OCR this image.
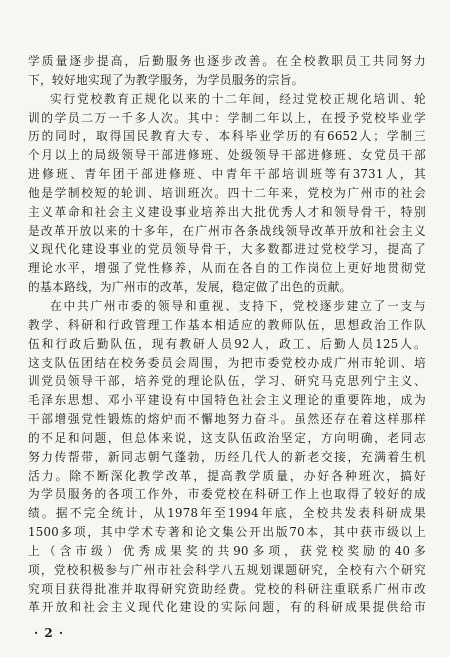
学质量逐步提高，后勤服务也逐步改善。在全校教职员工共同努力
下，较好地实现了为教学服务，为学员服务的宗旨。
实行党校教育正规化以来的十二年间，经过党校正规化培训、轮
训的学员二万一千多人次。其中：学制二年以上，在授予党校毕业学
历的同时，取得国民教育大专、本科毕业学历的有6652人；学制三
个月以上的局级领导干部进修班、处级领导干部进修班、女党员干部
进修班、青年团干部进修班、中青年干部培训班等有3731人，其
他是学制校短的轮训、培训班次。四十二年来，党校为广州市的社会
主义革命和社会主义建设事业培养出大批优秀人才和领导骨干，特别
是改革开放以来的十多年，在广州市各条战线领导改革开放和社会主义
义现代化建设事业的党员领导骨干，大多数都进过党校学习，提高了
理论水平，增强了党性修养，从而在各自的工作岗位上更好地贯彻党
的基本路线，为广州市的改革，发展，稳定做了出色的贡献。
在中共广州市委的领导和重视、支持下，党校逐步建立了一支与
教学、科研和行政管理工作基本相适应的教师队伍，思想政治工作队
伍和行政后勤队伍，现有教研人员92人，政工、后勤人员125人。
这支队伍团结在校务委员会周围，为把市委党校办成广州市轮训、培
训党员领导干部，培养党的理论队伍，学习、研究马克思列宁主义、
毛泽东思想、邓小平建设有中国特色社会主义理论的重要阵地，成为
干部增强党性锻炼的熔炉而不懈地努力奋斗。虽然还存在着这样那样
的不足和问题，但总体来说，这支队伍政治坚定，方向明确，老同志
努力传帮带，新同志朝气蓬勃，历经几代人的新老交接，充满着生机
活力。除不断深化教学改革，提高教学质量，办好各种班次，搞好
为学员服务的各项工作外，市委党校在科研工作上也取得了较好的成
绩。据不完全统计，从1978年至1994年底，全校共发表科研成果
1500多项，其中学术专著和论文集公开出版70本，其中获市级以上
上（含市级）优秀成果奖的共90多项，获党校奖励的40多
项，党校积极参与广州市社会科学八五规划课题研究，全校有六个研究
究项目获得批准并取得研究资助经费。党校的科研注重联系广州市改
革开放和社会主义现代化建设的实际问题，有的科研成果提供给市
· 2 ·
